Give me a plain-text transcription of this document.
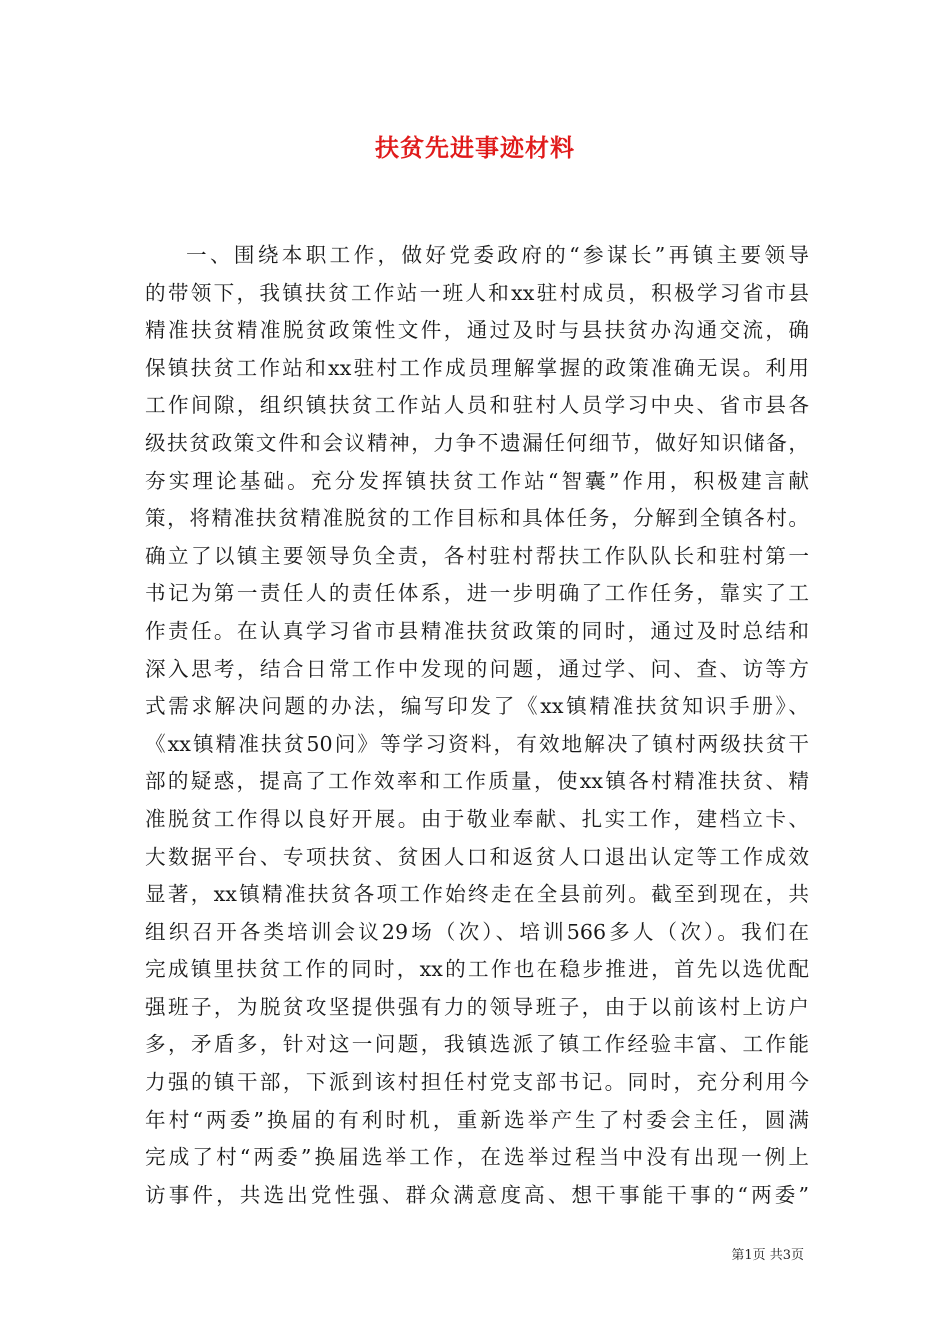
扶贫先进事迹材料
一、围绕本职工作，做好党委政府的“参谋长”再镇主要领导
的带领下，我镇扶贫工作站一班人和xx驻村成员，积极学习省市县
精准扶贫精准脱贫政策性文件，通过及时与县扶贫办沟通交流，确
保镇扶贫工作站和xx驻村工作成员理解掌握的政策准确无误。利用
工作间隙，组织镇扶贫工作站人员和驻村人员学习中央、省市县各
级扶贫政策文件和会议精神，力争不遗漏任何细节，做好知识储备，
夯实理论基础。充分发挥镇扶贫工作站“智囊”作用，积极建言献
策，将精准扶贫精准脱贫的工作目标和具体任务，分解到全镇各村。
确立了以镇主要领导负全责，各村驻村帮扶工作队队长和驻村第一
书记为第一责任人的责任体系，进一步明确了工作任务，靠实了工
作责任。在认真学习省市县精准扶贫政策的同时，通过及时总结和
深入思考，结合日常工作中发现的问题，通过学、问、查、访等方
式需求解决问题的办法，编写印发了《xx镇精准扶贫知识手册》、
《xx镇精准扶贫50问》等学习资料，有效地解决了镇村两级扶贫干
部的疑惑，提高了工作效率和工作质量，使xx镇各村精准扶贫、精
准脱贫工作得以良好开展。由于敬业奉献、扎实工作，建档立卡、
大数据平台、专项扶贫、贫困人口和返贫人口退出认定等工作成效
显著，xx镇精准扶贫各项工作始终走在全县前列。截至到现在，共
组织召开各类培训会议29场（次）、培训566多人（次）。我们在
完成镇里扶贫工作的同时，xx的工作也在稳步推进，首先以选优配
强班子，为脱贫攻坚提供强有力的领导班子，由于以前该村上访户
多，矛盾多，针对这一问题，我镇选派了镇工作经验丰富、工作能
力强的镇干部，下派到该村担任村党支部书记。同时，充分利用今
年村“两委”换届的有利时机，重新选举产生了村委会主任，圆满
完成了村“两委”换届选举工作，在选举过程当中没有出现一例上
访事件，共选出党性强、群众满意度高、想干事能干事的“两委”
第1页 共3页
